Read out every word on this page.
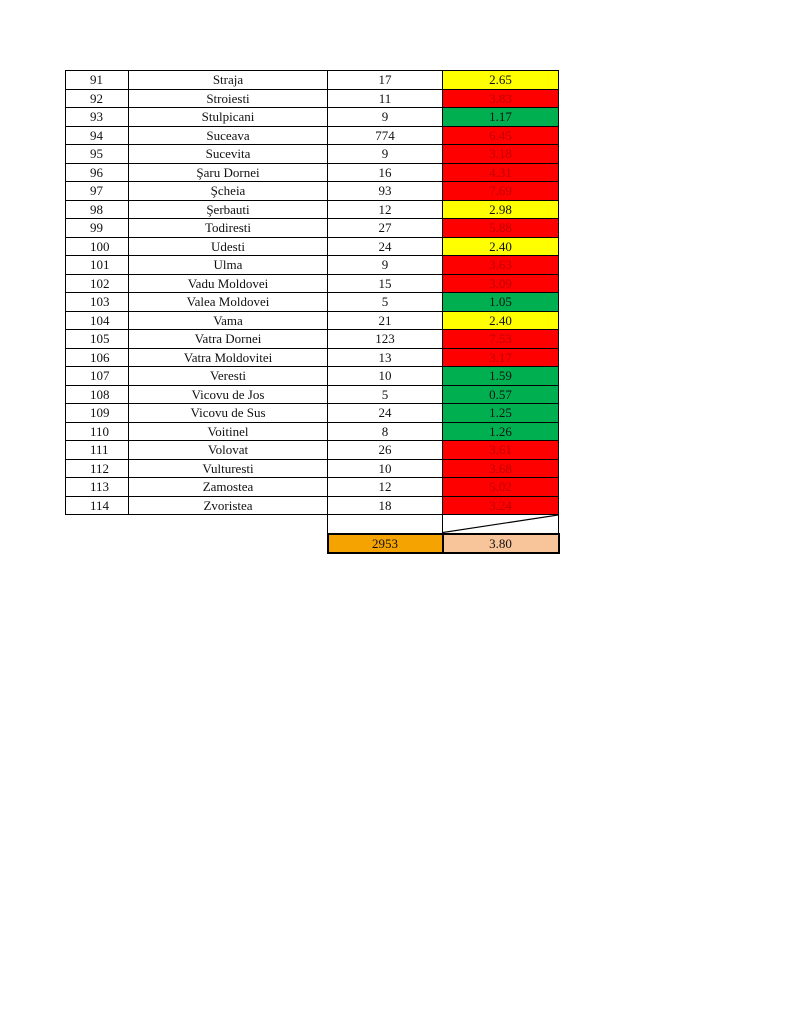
91	Straja	17	2.65
92	Stroiesti	11	3.83
93	Stulpicani	9	1.17
94	Suceava	774	6.45
95	Sucevita	9	3.18
96	Şaru Dornei	16	4.31
97	Şcheia	93	7.69
98	Şerbauti	12	2.98
99	Todiresti	27	5.88
100	Udesti	24	2.40
101	Ulma	9	3.63
102	Vadu Moldovei	15	3.09
103	Valea Moldovei	5	1.05
104	Vama	21	2.40
105	Vatra Dornei	123	7.53
106	Vatra Moldovitei	13	3.17
107	Veresti	10	1.59
108	Vicovu de Jos	5	0.57
109	Vicovu de Sus	24	1.25
110	Voitinel	8	1.26
111	Volovat	26	3.61
112	Vulturesti	10	3.68
113	Zamostea	12	5.02
114	Zvoristea	18	3.24

		2953	3.80
